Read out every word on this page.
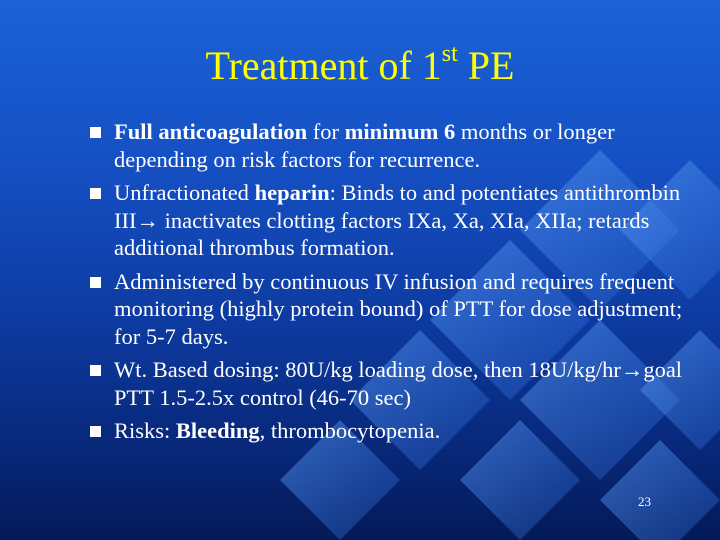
Treatment of 1st PE
Full anticoagulation for minimum 6 months or longer depending on risk factors for recurrence.
Unfractionated heparin: Binds to and potentiates antithrombin III→ inactivates clotting factors IXa, Xa, XIa, XIIa; retards additional thrombus formation.
Administered by continuous IV infusion and requires frequent monitoring (highly protein bound) of PTT for dose adjustment; for 5-7 days.
Wt. Based dosing: 80U/kg loading dose, then 18U/kg/hr→goal PTT 1.5-2.5x control (46-70 sec)
Risks: Bleeding, thrombocytopenia.
23
